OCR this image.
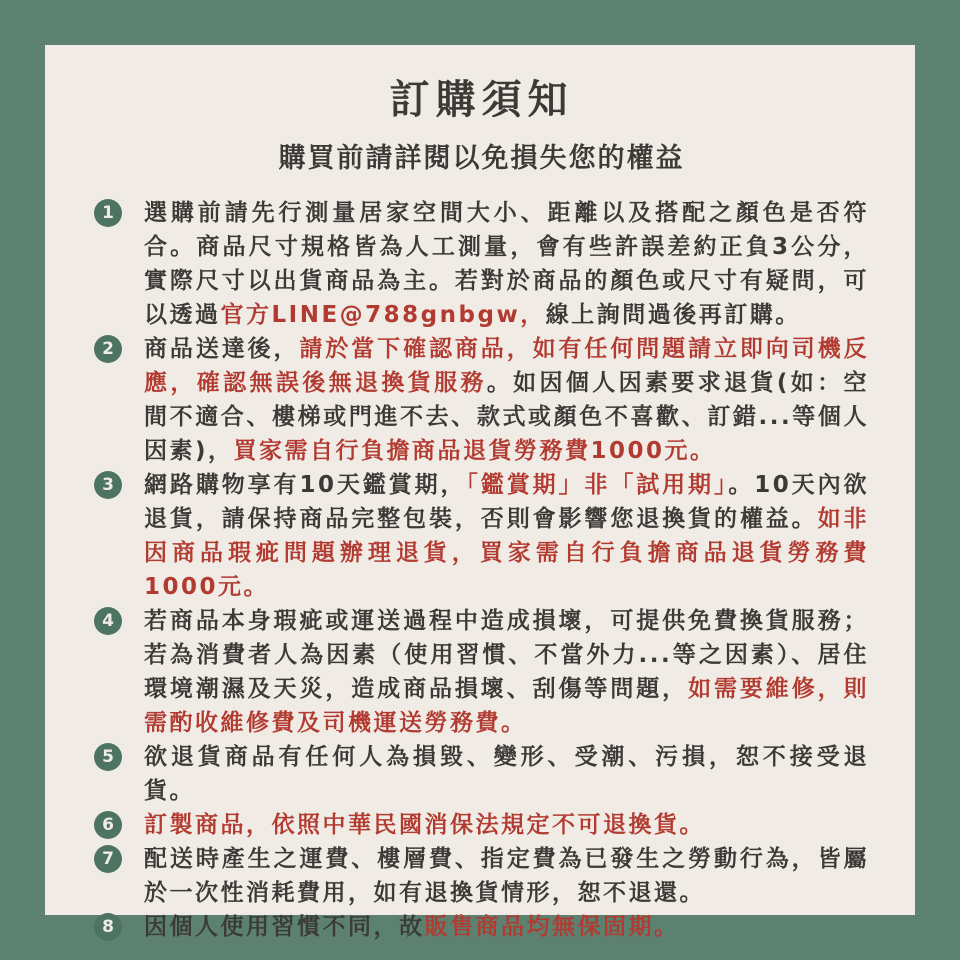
訂購須知
購買前請詳閱以免損失您的權益
1	選購前請先行測量居家空間大小、距離以及搭配之顏色是否符合。商品尺寸規格皆為人工測量，會有些許誤差約正負3公分，實際尺寸以出貨商品為主。若對於商品的顏色或尺寸有疑問，可以透過官方LINE@788gnbgw，線上詢問過後再訂購。
2	商品送達後，請於當下確認商品，如有任何問題請立即向司機反應，確認無誤後無退換貨服務。如因個人因素要求退貨(如：空間不適合、樓梯或門進不去、款式或顏色不喜歡、訂錯...等個人因素)，買家需自行負擔商品退貨勞務費1000元。
3	網路購物享有10天鑑賞期，「鑑賞期」非「試用期」。10天內欲退貨，請保持商品完整包裝，否則會影響您退換貨的權益。如非因商品瑕疵問題辦理退貨，買家需自行負擔商品退貨勞務費1000元。
4	若商品本身瑕疵或運送過程中造成損壞，可提供免費換貨服務；若為消費者人為因素（使用習慣、不當外力...等之因素）、居住環境潮濕及天災，造成商品損壞、刮傷等問題，如需要維修，則需酌收維修費及司機運送勞務費。
5	欲退貨商品有任何人為損毀、變形、受潮、污損，恕不接受退貨。
6	訂製商品，依照中華民國消保法規定不可退換貨。
7	配送時產生之運費、樓層費、指定費為已發生之勞動行為，皆屬於一次性消耗費用，如有退換貨情形，恕不退還。
8	因個人使用習慣不同，故販售商品均無保固期。
